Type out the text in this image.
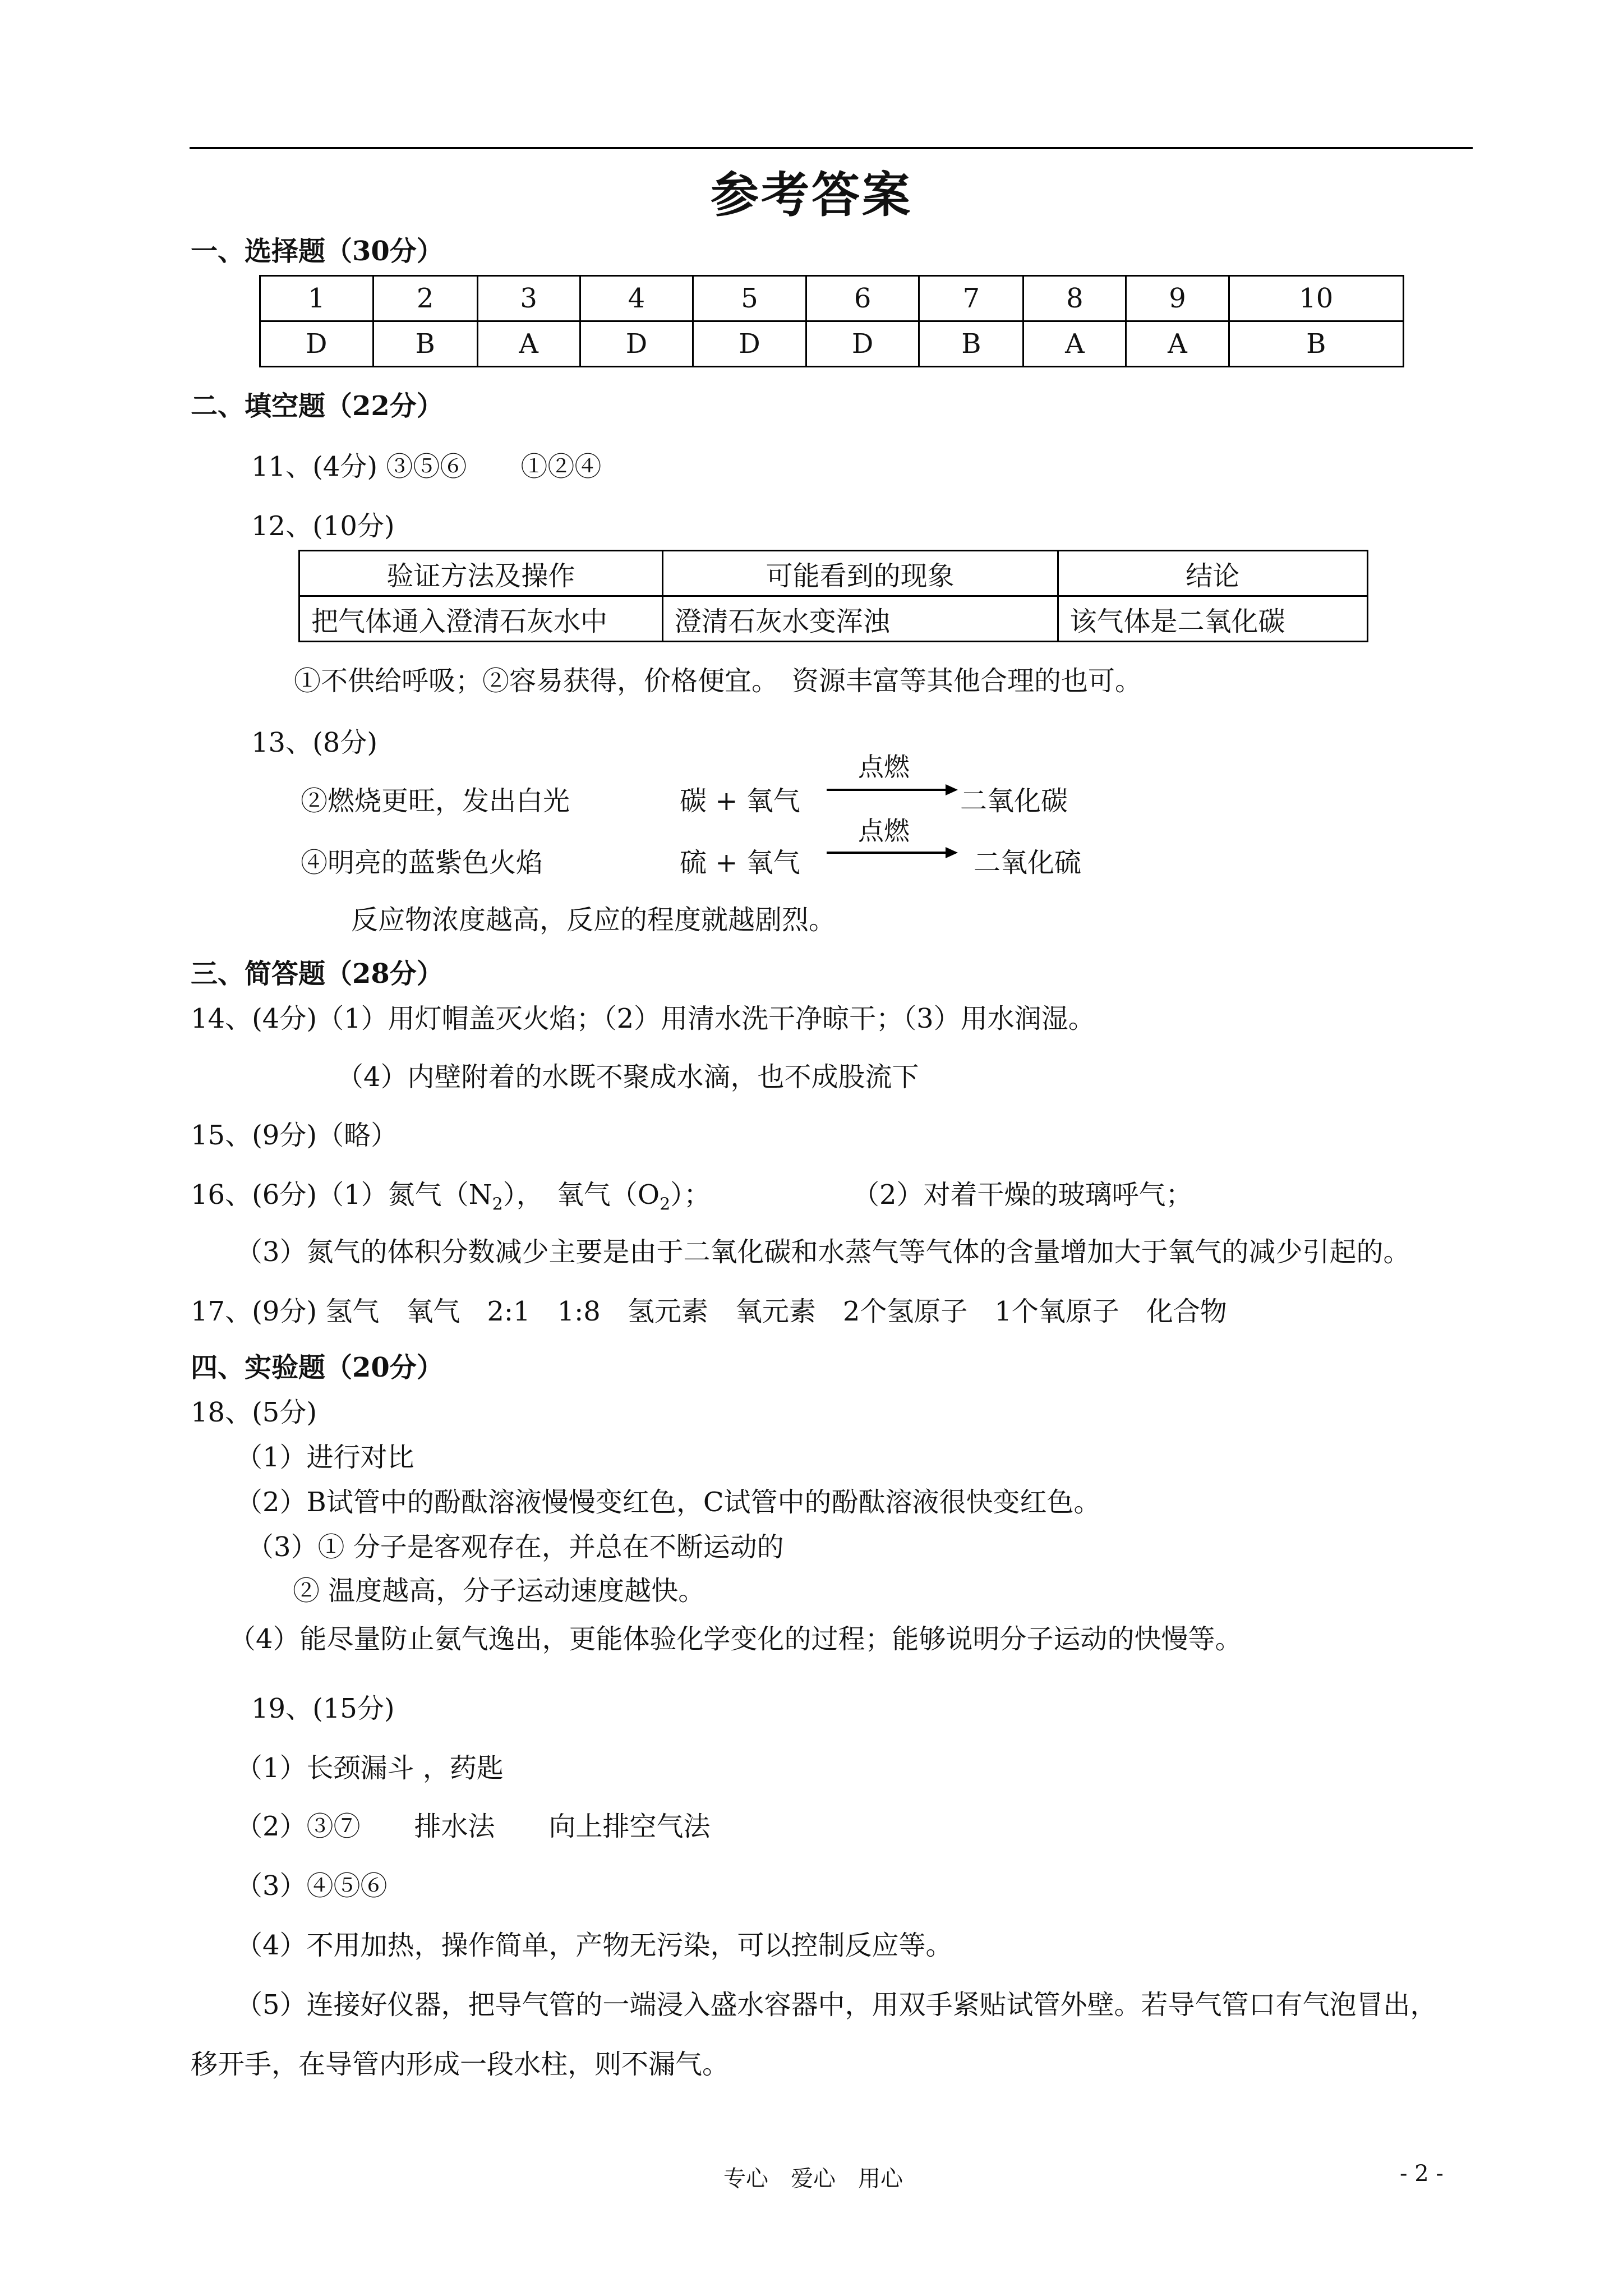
参考答案
一、选择题（30分）
1	2	3	4	5	6	7	8	9	10
D	B	A	D	D	D	B	A	A	B
二、填空题（22分）
11、(4分) ③⑤⑥　　①②④
12、(10分)
验证方法及操作	可能看到的现象	结论
把气体通入澄清石灰水中	澄清石灰水变浑浊	该气体是二氧化碳
①不供给呼吸；②容易获得，价格便宜。　资源丰富等其他合理的也可。
13、(8分)
点燃
②燃烧更旺，发出白光	碳 + 氧气	二氧化碳
点燃
④明亮的蓝紫色火焰	硫 + 氧气	二氧化硫
反应物浓度越高，反应的程度就越剧烈。
三、简答题（28分）
14、(4分)（1）用灯帽盖灭火焰；（2）用清水洗干净晾干；（3）用水润湿。
（4）内壁附着的水既不聚成水滴，也不成股流下
15、(9分)（略）
16、(6分)（1）氮气$(N_2)$，　氧气$(O_2)$；	（2）对着干燥的玻璃呼气；
（3）氮气的体积分数减少主要是由于二氧化碳和水蒸气等气体的含量增加大于氧气的减少引起的。
17、(9分) 氢气　氧气　2:1　1:8　氢元素　氧元素　2个氢原子　1个氧原子　化合物
四、实验题（20分）
18、(5分)
（1）进行对比
（2）B试管中的酚酞溶液慢慢变红色，C试管中的酚酞溶液很快变红色。
（3）① 分子是客观存在，并总在不断运动的
② 温度越高，分子运动速度越快。
（4）能尽量防止氨气逸出，更能体验化学变化的过程；能够说明分子运动的快慢等。
19、(15分)
（1）长颈漏斗 ，药匙
（2）③⑦　　排水法　　向上排空气法
（3）④⑤⑥
（4）不用加热，操作简单，产物无污染，可以控制反应等。
（5）连接好仪器，把导气管的一端浸入盛水容器中，用双手紧贴试管外壁。若导气管口有气泡冒出，
移开手，在导管内形成一段水柱，则不漏气。
专心　爱心　用心	- 2 -
